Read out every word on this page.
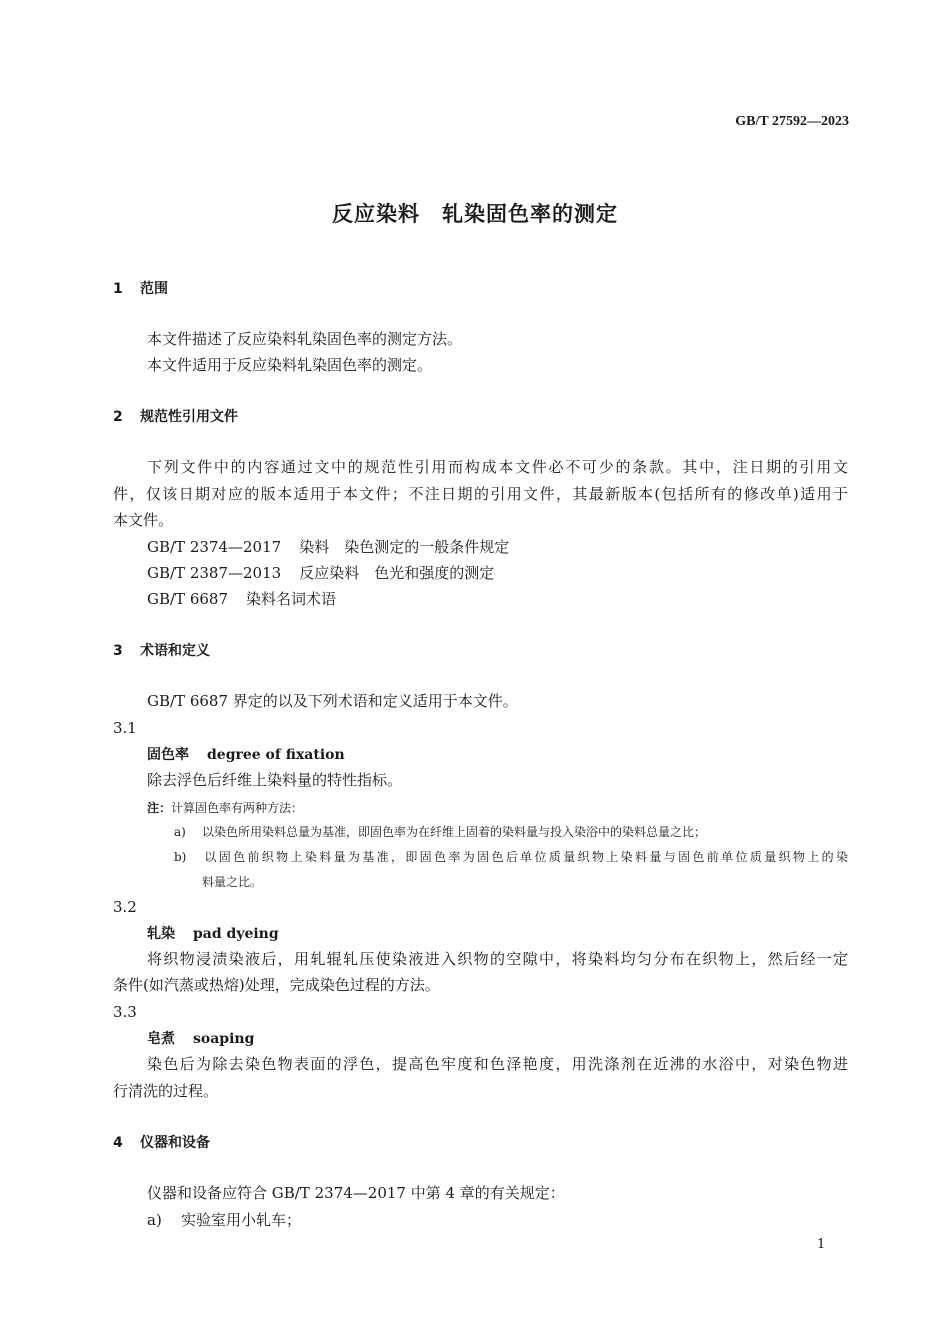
GB/T 27592—2023
反应染料　轧染固色率的测定
1 范围
本文件描述了反应染料轧染固色率的测定方法。
本文件适用于反应染料轧染固色率的测定。
2 规范性引用文件
下列文件中的内容通过文中的规范性引用而构成本文件必不可少的条款。其中，注日期的引用文
件，仅该日期对应的版本适用于本文件；不注日期的引用文件，其最新版本(包括所有的修改单)适用于
本文件。
GB/T 2374—2017 染料　染色测定的一般条件规定
GB/T 2387—2013 反应染料　色光和强度的测定
GB/T 6687 染料名词术语
3 术语和定义
GB/T 6687 界定的以及下列术语和定义适用于本文件。
3.1
固色率 degree of fixation
除去浮色后纤维上染料量的特性指标。
注：计算固色率有两种方法：
a) 以染色所用染料总量为基准，即固色率为在纤维上固着的染料量与投入染浴中的染料总量之比；
b) 以固色前织物上染料量为基准，即固色率为固色后单位质量织物上染料量与固色前单位质量织物上的染
料量之比。
3.2
轧染 pad dyeing
将织物浸渍染液后，用轧辊轧压使染液进入织物的空隙中，将染料均匀分布在织物上，然后经一定
条件(如汽蒸或热熔)处理，完成染色过程的方法。
3.3
皂煮 soaping
染色后为除去染色物表面的浮色，提高色牢度和色泽艳度，用洗涤剂在近沸的水浴中，对染色物进
行清洗的过程。
4 仪器和设备
仪器和设备应符合 GB/T 2374—2017 中第 4 章的有关规定：
a) 实验室用小轧车；
1
